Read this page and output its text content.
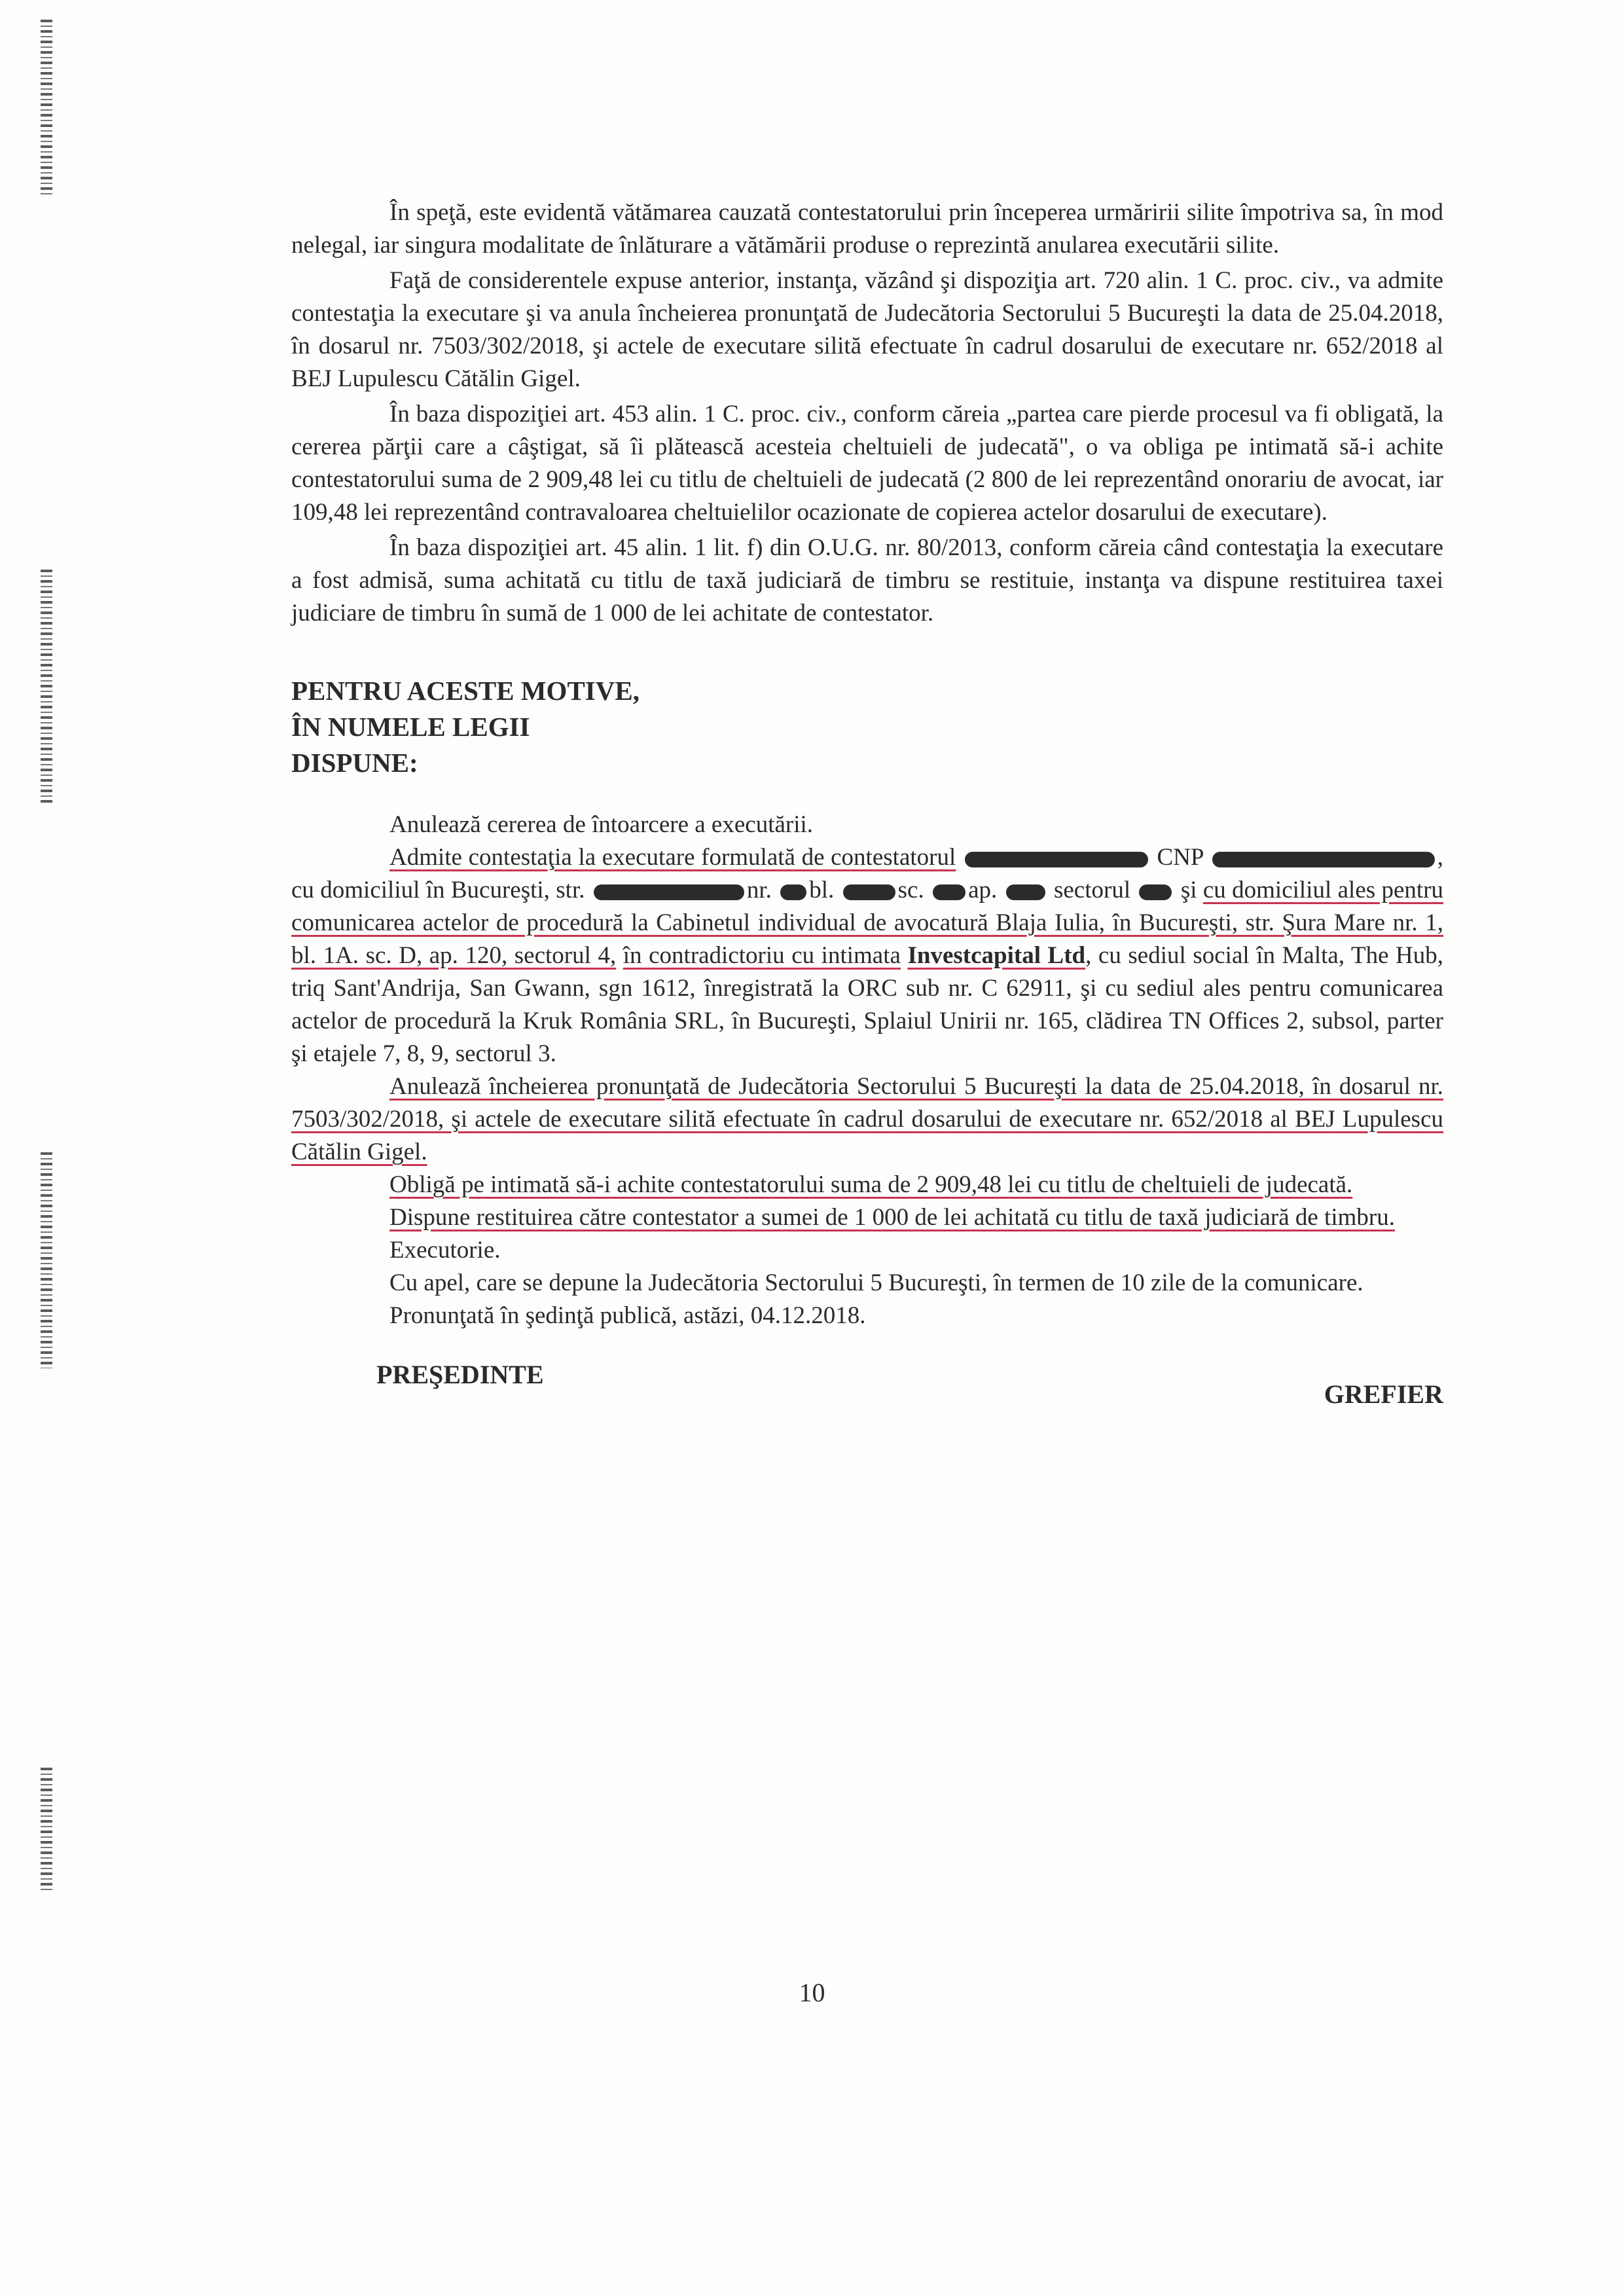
În speţă, este evidentă vătămarea cauzată contestatorului prin începerea urmăririi silite împotriva sa, în mod nelegal, iar singura modalitate de înlăturare a vătămării produse o reprezintă anularea executării silite.

Faţă de considerentele expuse anterior, instanţa, văzând şi dispoziţia art. 720 alin. 1 C. proc. civ., va admite contestaţia la executare şi va anula încheierea pronunţată de Judecătoria Sectorului 5 Bucureşti la data de 25.04.2018, în dosarul nr. 7503/302/2018, şi actele de executare silită efectuate în cadrul dosarului de executare nr. 652/2018 al BEJ Lupulescu Cătălin Gigel.

În baza dispoziţiei art. 453 alin. 1 C. proc. civ., conform căreia „partea care pierde procesul va fi obligată, la cererea părţii care a câştigat, să îi plătească acesteia cheltuieli de judecată", o va obliga pe intimată să-i achite contestatorului suma de 2 909,48 lei cu titlu de cheltuieli de judecată (2 800 de lei reprezentând onorariu de avocat, iar 109,48 lei reprezentând contravaloarea cheltuielilor ocazionate de copierea actelor dosarului de executare).

În baza dispoziţiei art. 45 alin. 1 lit. f) din O.U.G. nr. 80/2013, conform căreia când contestaţia la executare a fost admisă, suma achitată cu titlu de taxă judiciară de timbru se restituie, instanţa va dispune restituirea taxei judiciare de timbru în sumă de 1 000 de lei achitate de contestator.

PENTRU ACESTE MOTIVE,

ÎN NUMELE LEGII

DISPUNE:

Anulează cererea de întoarcere a executării.

Admite contestaţia la executare formulată de contestatorul	CNP	, cu domiciliul în Bucureşti, str.	nr. bl.	sc. ap. sectorul şi cu domiciliul ales pentru comunicarea actelor de procedură la Cabinetul individual de avocatură Blaja Iulia, în Bucureşti, str. Şura Mare nr. 1, bl. 1A. sc. D, ap. 120, sectorul 4, în contradictoriu cu intimata Investcapital Ltd, cu sediul social în Malta, The Hub, triq Sant'Andrija, San Gwann, sgn 1612, înregistrată la ORC sub nr. C 62911, şi cu sediul ales pentru comunicarea actelor de procedură la Kruk România SRL, în Bucureşti, Splaiul Unirii nr. 165, clădirea TN Offices 2, subsol, parter şi etajele 7, 8, 9, sectorul 3.

Anulează încheierea pronunţată de Judecătoria Sectorului 5 Bucureşti la data de 25.04.2018, în dosarul nr. 7503/302/2018, şi actele de executare silită efectuate în cadrul dosarului de executare nr. 652/2018 al BEJ Lupulescu Cătălin Gigel.

Obligă pe intimată să-i achite contestatorului suma de 2 909,48 lei cu titlu de cheltuieli de judecată.

Dispune restituirea către contestator a sumei de 1 000 de lei achitată cu titlu de taxă judiciară de timbru.

Executorie.

Cu apel, care se depune la Judecătoria Sectorului 5 Bucureşti, în termen de 10 zile de la comunicare.

Pronunţată în şedinţă publică, astăzi, 04.12.2018.

PREŞEDINTE
GREFIER
10
